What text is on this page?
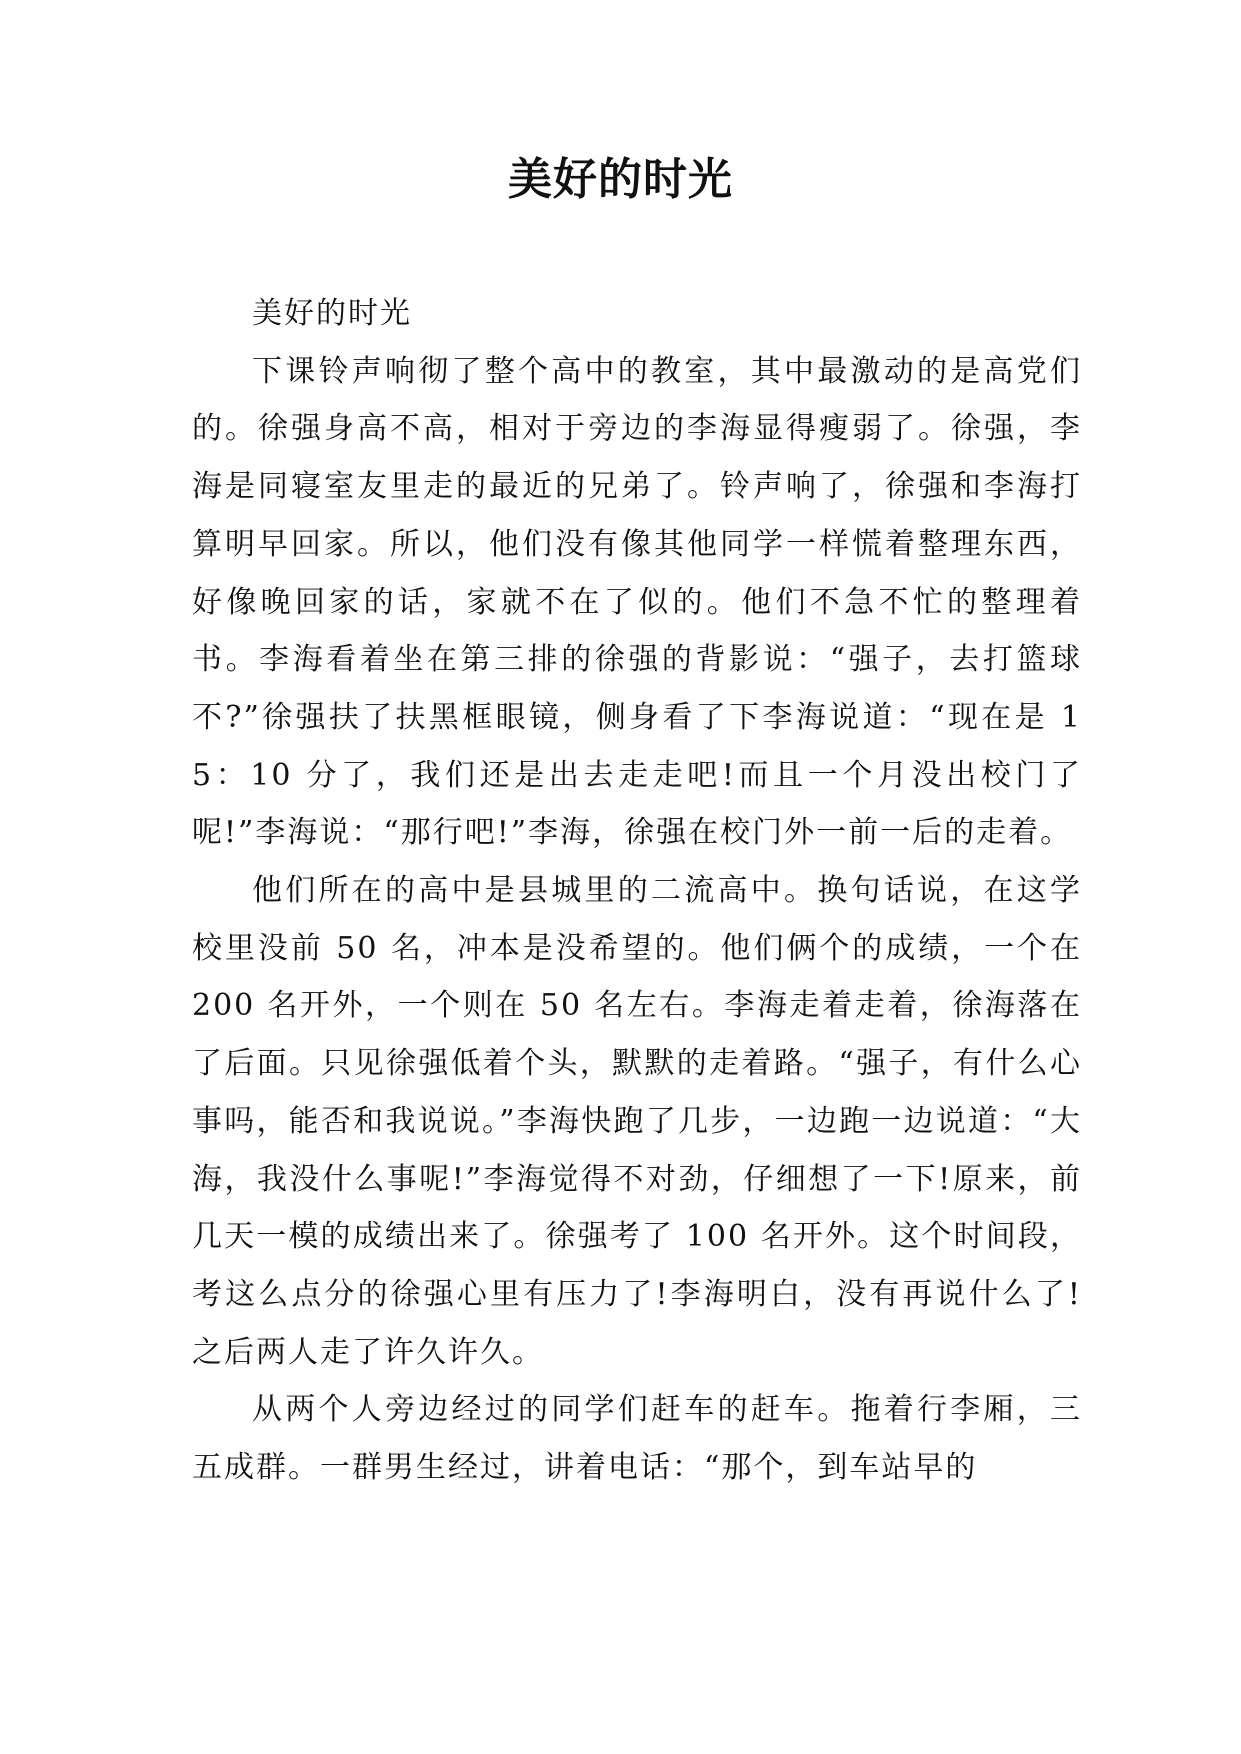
美好的时光

美好的时光

下课铃声响彻了整个高中的教室，其中最激动的是高党们的。徐强身高不高，相对于旁边的李海显得瘦弱了。徐强，李海是同寝室友里走的最近的兄弟了。铃声响了，徐强和李海打算明早回家。所以，他们没有像其他同学一样慌着整理东西，好像晚回家的话，家就不在了似的。他们不急不忙的整理着书。李海看着坐在第三排的徐强的背影说：“强子，去打篮球不?”徐强扶了扶黑框眼镜，侧身看了下李海说道：“现在是 15：10 分了，我们还是出去走走吧!而且一个月没出校门了呢!”李海说：“那行吧!”李海，徐强在校门外一前一后的走着。

他们所在的高中是县城里的二流高中。换句话说，在这学校里没前 50 名，冲本是没希望的。他们俩个的成绩，一个在 200 名开外，一个则在 50 名左右。李海走着走着，徐海落在了后面。只见徐强低着个头，默默的走着路。“强子，有什么心事吗，能否和我说说。”李海快跑了几步，一边跑一边说道：“大海，我没什么事呢!”李海觉得不对劲，仔细想了一下!原来，前几天一模的成绩出来了。徐强考了 100 名开外。这个时间段，考这么点分的徐强心里有压力了!李海明白，没有再说什么了!之后两人走了许久许久。

从两个人旁边经过的同学们赶车的赶车。拖着行李厢，三五成群。一群男生经过，讲着电话：“那个，到车站早的
